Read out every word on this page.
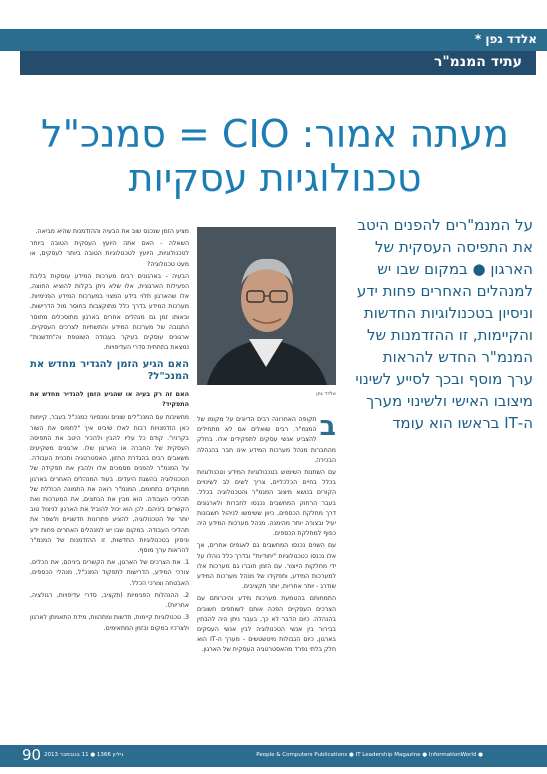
אלדד גפן *
עתיד המנמ"ר
מעתה אמור: CIO = סמנכ"ל
טכנולוגיות עסקיות
על המנמ"רים להפנים היטב את התפיסה העסקית של הארגון ● במקום שבו יש למנהלים האחרים פחות ידע וניסיון בטכנולוגיות החדשות והקיימות, זו ההזדמנות של המנמ"ר החדש להראות ערך מוסף ובכך לסייע לשינוי מיצובו האישי ולשינוי מערך ה-IT בראשו הוא עומד
אלדד גפן

ב
תקופה האחרונה רבים הדיונים על מקומו של המנמ"ר. רבים שואלים אם לא מתחילים להצביע אנשי עסקים לתפקידים אלו. בחלק מהחברות מנהל מערכות המידע אינו חבר בהנהלה הבכירה.

עם השתנות השימוש בטכנולוגיות המידע וטכנולוגיות בכלל בחיים הכלכליים, צריך לשים לב לשינויים הקורים בנושא מיצוב המנמ"ר והטכנולוגיה בכלל. בעבר הרחוק המחשבים נכנסו לחברות ולארגונים דרך מחלקת הכספים, כיוון ששימשו לניהול חשבונות יעיל ובצורה יותר מהימנה. מנהל מערכות המידע היה כפוף למחלקת הכספים.

עם השנים נכנסו המחשבים גם לאגפים אחרים, אך אלו נכנסו כטכנולוגיות "יחודיות" ובדרך כלל נוהלו על ידי מחלקות הייצור. עם הזמן חוברו גם מערכות אלו למערכות המידע, ותפקידו של מנהל מערכות המידע שודרג - יותר אחריות, יותר תקציבים.

התמחותם בהטמעת מערכות מידע והיכרותם עם הצרכים העסקיים הפכה אותם לשותפים חשובים בהנהלה. כיום הדבר לא כך, בעבר ניתן היה להבחין בבירור בין אנשי הטכנולוגיה לבין אנשי העסקים בארגון, כיום הגבולות מיטשטשים - מערך ה-IT הוא חלק בלתי נפרד מהאסטרטגיה העסקית של הארגון.

מציע הזמן שנכנס שוב את הבעיה וההזדמנות שהיא מביאה.

השאלה - האם אתה היועץ העסקית הטובה ביותר לטכנולוגיות, היועץ לטכנולוגיות הטובה ביותר לעסקים, או מעט טכנולוגיה?

הבעיה - בארגונים רבים מערכות המידע עוסקות בליבת הפעילות הארגונית, אלו שלא ניתן בקלות להוציא החוצה, אלו שהארגון תלוי בידע המצוי במערכות המידע הפנימיות. מערכות המידע בדרך כלל מתוקצבות בחוסר מול הדרישות, ובאותו זמן גם מנהלים אחרים בארגון מתוסכלים מחוסר התגובה של מערכות המידע והתשתיות לצרכים העסקיים. ארגונים עוסקים בעיקר בעבודה השוטפת וה"חדשנות" נמצאת בתחתית סדרי העדיפויות.

האם הגיע הזמן להגדיר מחדש את המנכ"ל?
האם זה רק בעיה או שהגיע הזמן להגדיר מחדש את התפקיד?

מחשיבות עם המנכ"לים שונים ומנסיוני כמנכ"ל בעבר, קיימות כאן הזדמנויות רבות לאלו שיבינו איך "לתפוס את השור בקרניו". קודם כל עליו להבין ולהכיר היטב את התפיסה העסקית של החברה או הארגון שלו. ארגונים משקיעים משאבים רבים בהגדרת החזון, האסטרטגיה ותכנית העבודה. על המנמ"ר להפנים מסמכים אלו ולהבין את תפקידה של הטכנולוגיה בהשגת היעדים. בעוד המנהלים האחרים בארגון ממוקדים בתחומם, המנמ"ר רואה את התמונה הכוללת של תהליכי העבודה. הוא מבין את הנתונים, את המערכות ואת הקשרים ביניהם. לכן הוא יכול להוביל את הארגון לניצול טוב יותר של הטכנולוגיה, להציע פתרונות חדשניים ולשפר את תהליכי העבודה. במקום שבו יש למנהלים האחרים פחות ידע וניסיון בטכנולוגיות החדשות, זו ההזדמנות של המנמ"ר להראות ערך מוסף.

1. את הצרכים של הארגון, את הקשרים ביניהם, את הכלים, צורכי המידע, הדרישות לתפקוד המנכ"ל, מנהלי הכספים, האבטחה וצורכי הכלל.

2. ההנהלות הפנימיות (תקציב, סדרי עדיפויות, רגולציה, אחריות).

3. טכנולוגיות קיימות, חדשות ומתהוות, מידת התאמתן לארגון ולצרכיו במקום ובזמן המתאימים.

90 גיליון 1366 ● 11 בנובמבר 2013	People & Computers Publications ● IT Leadership Magazine ● InformationWorld ●
